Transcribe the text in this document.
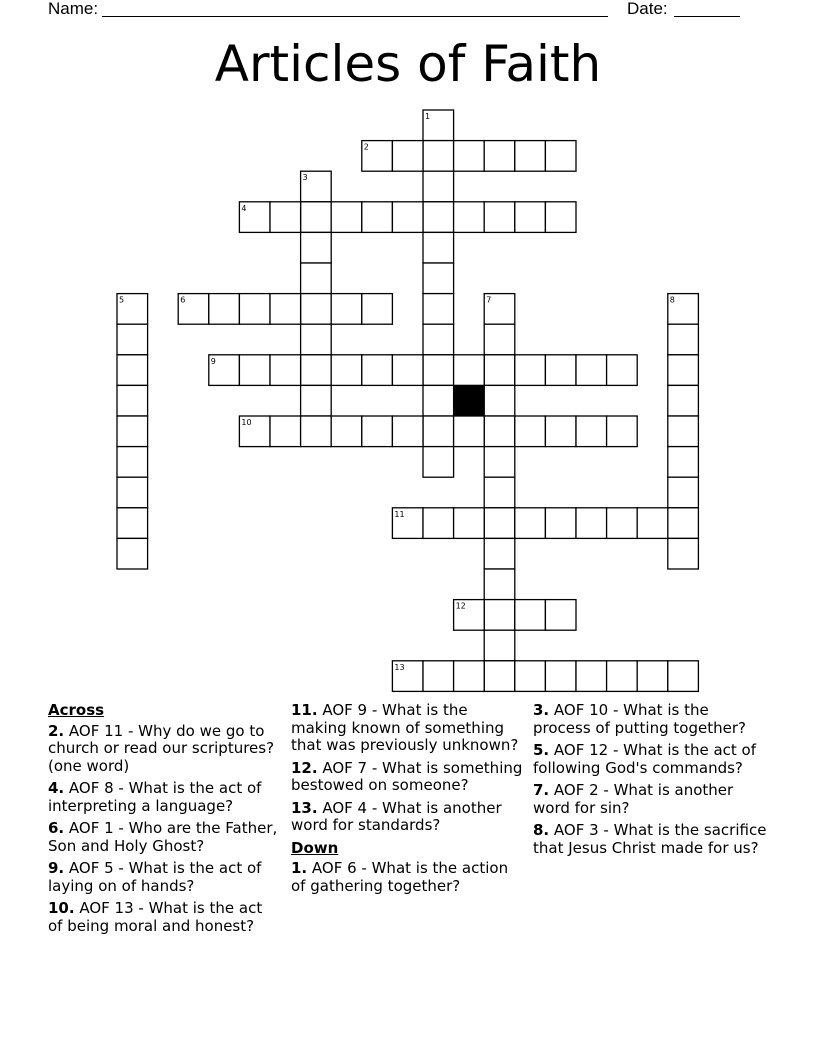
Name:	Date:
Articles of Faith
1
2
3
4
5	6	7	8
9
10
11
12
13
Across
2. AOF 11 - Why do we go to church or read our scriptures? (one word)
4. AOF 8 - What is the act of interpreting a language?
6. AOF 1 - Who are the Father, Son and Holy Ghost?
9. AOF 5 - What is the act of laying on of hands?
10. AOF 13 - What is the act of being moral and honest?
11. AOF 9 - What is the making known of something that was previously unknown?
12. AOF 7 - What is something bestowed on someone?
13. AOF 4 - What is another word for standards?
Down
1. AOF 6 - What is the action of gathering together?
3. AOF 10 - What is the process of putting together?
5. AOF 12 - What is the act of following God's commands?
7. AOF 2 - What is another word for sin?
8. AOF 3 - What is the sacrifice that Jesus Christ made for us?
